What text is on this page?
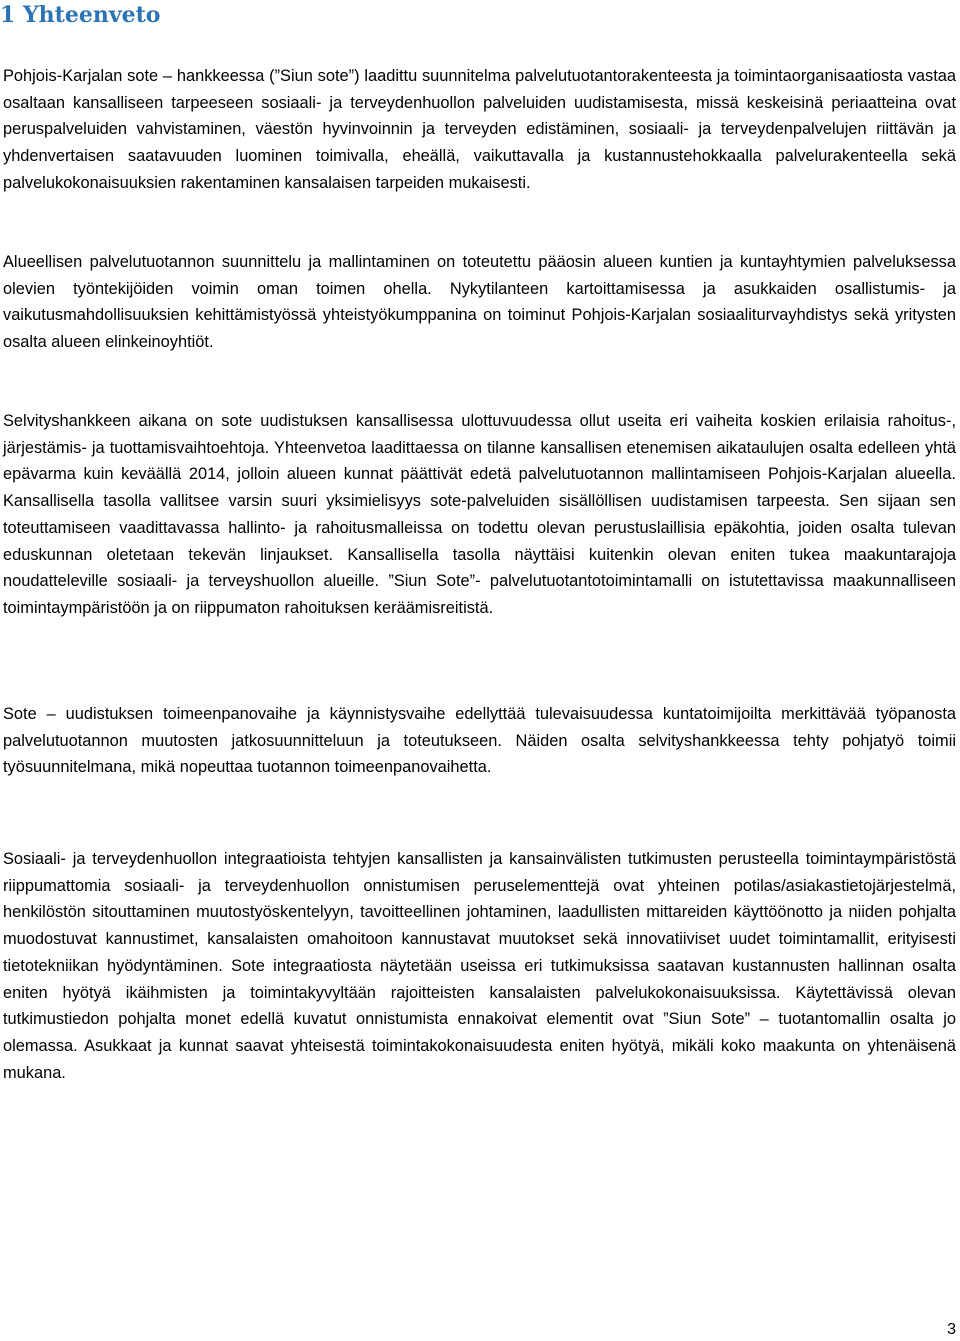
1 Yhteenveto

Pohjois-Karjalan sote – hankkeessa (”Siun sote”) laadittu suunnitelma palvelutuotantorakenteesta ja toimintaorganisaatiosta vastaa osaltaan kansalliseen tarpeeseen sosiaali- ja terveydenhuollon palveluiden uudistamisesta, missä keskeisinä periaatteina ovat peruspalveluiden vahvistaminen, väestön hyvinvoinnin ja terveyden edistäminen, sosiaali- ja terveydenpalvelujen riittävän ja yhdenvertaisen saatavuuden luominen toimivalla, eheällä, vaikuttavalla ja kustannustehokkaalla palvelurakenteella sekä palvelukokonaisuuksien rakentaminen kansalaisen tarpeiden mukaisesti.

Alueellisen palvelutuotannon suunnittelu ja mallintaminen on toteutettu pääosin alueen kuntien ja kuntayhtymien palveluksessa olevien työntekijöiden voimin oman toimen ohella. Nykytilanteen kartoittamisessa ja asukkaiden osallistumis- ja vaikutusmahdollisuuksien kehittämistyössä yhteistyökumppanina on toiminut Pohjois-Karjalan sosiaaliturvayhdistys sekä yritysten osalta alueen elinkeinoyhtiöt.

Selvityshankkeen aikana on sote uudistuksen kansallisessa ulottuvuudessa ollut useita eri vaiheita koskien erilaisia rahoitus-, järjestämis- ja tuottamisvaihtoehtoja. Yhteenvetoa laadittaessa on tilanne kansallisen etenemisen aikataulujen osalta edelleen yhtä epävarma kuin keväällä 2014, jolloin alueen kunnat päättivät edetä palvelutuotannon mallintamiseen Pohjois-Karjalan alueella. Kansallisella tasolla vallitsee varsin suuri yksimielisyys sote-palveluiden sisällöllisen uudistamisen tarpeesta. Sen sijaan sen toteuttamiseen vaadittavassa hallinto- ja rahoitusmalleissa on todettu olevan perustuslaillisia epäkohtia, joiden osalta tulevan eduskunnan oletetaan tekevän linjaukset. Kansallisella tasolla näyttäisi kuitenkin olevan eniten tukea maakuntarajoja noudatteleville sosiaali- ja terveyshuollon alueille. ”Siun Sote”- palvelutuotantotoimintamalli on istutettavissa maakunnalliseen toimintaympäristöön ja on riippumaton rahoituksen keräämisreitistä.

Sote – uudistuksen toimeenpanovaihe ja käynnistysvaihe edellyttää tulevaisuudessa kuntatoimijoilta merkittävää työpanosta palvelutuotannon muutosten jatkosuunnitteluun ja toteutukseen. Näiden osalta selvityshankkeessa tehty pohjatyö toimii työsuunnitelmana, mikä nopeuttaa tuotannon toimeenpanovaihetta.

Sosiaali- ja terveydenhuollon integraatioista tehtyjen kansallisten ja kansainvälisten tutkimusten perusteella toimintaympäristöstä riippumattomia sosiaali- ja terveydenhuollon onnistumisen peruselementtejä ovat yhteinen potilas/asiakastietojärjestelmä, henkilöstön sitouttaminen muutostyöskentelyyn, tavoitteellinen johtaminen, laadullisten mittareiden käyttöönotto ja niiden pohjalta muodostuvat kannustimet, kansalaisten omahoitoon kannustavat muutokset sekä innovatiiviset uudet toimintamallit, erityisesti tietotekniikan hyödyntäminen. Sote integraatiosta näytetään useissa eri tutkimuksissa saatavan kustannusten hallinnan osalta eniten hyötyä ikäihmisten ja toimintakyvyltään rajoitteisten kansalaisten palvelukokonaisuuksissa. Käytettävissä olevan tutkimustiedon pohjalta monet edellä kuvatut onnistumista ennakoivat elementit ovat ”Siun Sote” – tuotantomallin osalta jo olemassa. Asukkaat ja kunnat saavat yhteisestä toimintakokonaisuudesta eniten hyötyä, mikäli koko maakunta on yhtenäisenä mukana.

3
